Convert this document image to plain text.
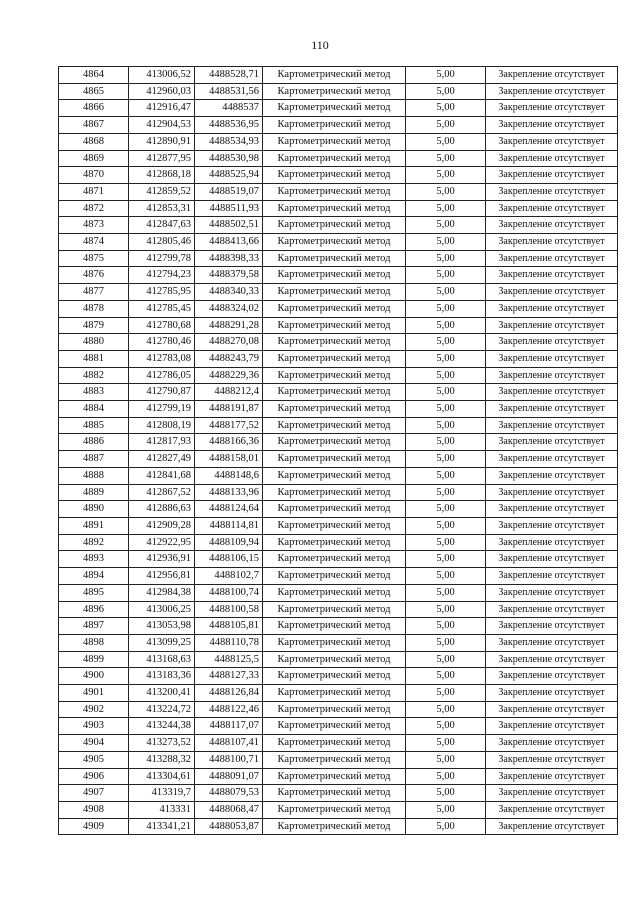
110
4864	413006,52	4488528,71	Картометрический метод	5,00	Закрепление отсутствует
4865	412960,03	4488531,56	Картометрический метод	5,00	Закрепление отсутствует
4866	412916,47	4488537	Картометрический метод	5,00	Закрепление отсутствует
4867	412904,53	4488536,95	Картометрический метод	5,00	Закрепление отсутствует
4868	412890,91	4488534,93	Картометрический метод	5,00	Закрепление отсутствует
4869	412877,95	4488530,98	Картометрический метод	5,00	Закрепление отсутствует
4870	412868,18	4488525,94	Картометрический метод	5,00	Закрепление отсутствует
4871	412859,52	4488519,07	Картометрический метод	5,00	Закрепление отсутствует
4872	412853,31	4488511,93	Картометрический метод	5,00	Закрепление отсутствует
4873	412847,63	4488502,51	Картометрический метод	5,00	Закрепление отсутствует
4874	412805,46	4488413,66	Картометрический метод	5,00	Закрепление отсутствует
4875	412799,78	4488398,33	Картометрический метод	5,00	Закрепление отсутствует
4876	412794,23	4488379,58	Картометрический метод	5,00	Закрепление отсутствует
4877	412785,95	4488340,33	Картометрический метод	5,00	Закрепление отсутствует
4878	412785,45	4488324,02	Картометрический метод	5,00	Закрепление отсутствует
4879	412780,68	4488291,28	Картометрический метод	5,00	Закрепление отсутствует
4880	412780,46	4488270,08	Картометрический метод	5,00	Закрепление отсутствует
4881	412783,08	4488243,79	Картометрический метод	5,00	Закрепление отсутствует
4882	412786,05	4488229,36	Картометрический метод	5,00	Закрепление отсутствует
4883	412790,87	4488212,4	Картометрический метод	5,00	Закрепление отсутствует
4884	412799,19	4488191,87	Картометрический метод	5,00	Закрепление отсутствует
4885	412808,19	4488177,52	Картометрический метод	5,00	Закрепление отсутствует
4886	412817,93	4488166,36	Картометрический метод	5,00	Закрепление отсутствует
4887	412827,49	4488158,01	Картометрический метод	5,00	Закрепление отсутствует
4888	412841,68	4488148,6	Картометрический метод	5,00	Закрепление отсутствует
4889	412867,52	4488133,96	Картометрический метод	5,00	Закрепление отсутствует
4890	412886,63	4488124,64	Картометрический метод	5,00	Закрепление отсутствует
4891	412909,28	4488114,81	Картометрический метод	5,00	Закрепление отсутствует
4892	412922,95	4488109,94	Картометрический метод	5,00	Закрепление отсутствует
4893	412936,91	4488106,15	Картометрический метод	5,00	Закрепление отсутствует
4894	412956,81	4488102,7	Картометрический метод	5,00	Закрепление отсутствует
4895	412984,38	4488100,74	Картометрический метод	5,00	Закрепление отсутствует
4896	413006,25	4488100,58	Картометрический метод	5,00	Закрепление отсутствует
4897	413053,98	4488105,81	Картометрический метод	5,00	Закрепление отсутствует
4898	413099,25	4488110,78	Картометрический метод	5,00	Закрепление отсутствует
4899	413168,63	4488125,5	Картометрический метод	5,00	Закрепление отсутствует
4900	413183,36	4488127,33	Картометрический метод	5,00	Закрепление отсутствует
4901	413200,41	4488126,84	Картометрический метод	5,00	Закрепление отсутствует
4902	413224,72	4488122,46	Картометрический метод	5,00	Закрепление отсутствует
4903	413244,38	4488117,07	Картометрический метод	5,00	Закрепление отсутствует
4904	413273,52	4488107,41	Картометрический метод	5,00	Закрепление отсутствует
4905	413288,32	4488100,71	Картометрический метод	5,00	Закрепление отсутствует
4906	413304,61	4488091,07	Картометрический метод	5,00	Закрепление отсутствует
4907	413319,7	4488079,53	Картометрический метод	5,00	Закрепление отсутствует
4908	413331	4488068,47	Картометрический метод	5,00	Закрепление отсутствует
4909	413341,21	4488053,87	Картометрический метод	5,00	Закрепление отсутствует
